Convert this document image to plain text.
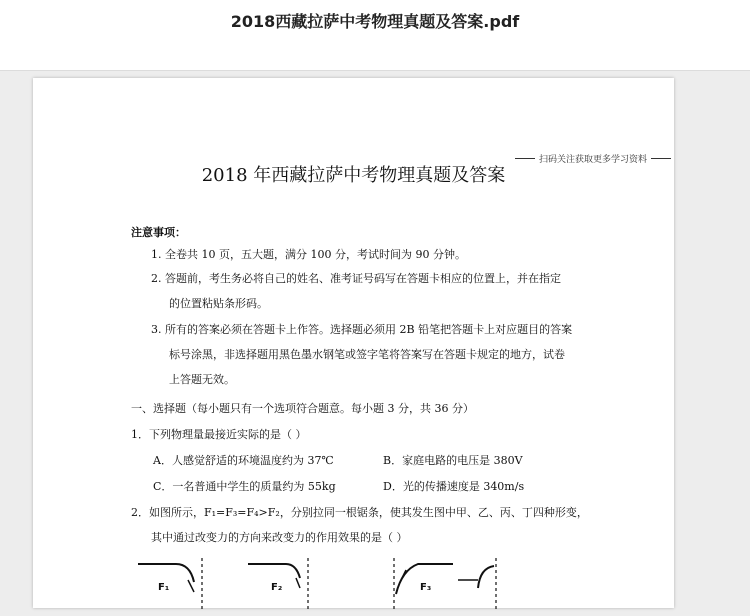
2018西藏拉萨中考物理真题及答案.pdf
扫码关注获取更多学习资料
2018 年西藏拉萨中考物理真题及答案
注意事项：
1. 全卷共 10 页，五大题，满分 100 分，考试时间为 90 分钟。
2. 答题前，考生务必将自己的姓名、准考证号码写在答题卡相应的位置上，并在指定
的位置粘贴条形码。
3. 所有的答案必须在答题卡上作答。选择题必须用 2B 铅笔把答题卡上对应题目的答案
标号涂黑，非选择题用黑色墨水钢笔或签字笔将答案写在答题卡规定的地方，试卷
上答题无效。
一、选择题（每小题只有一个选项符合题意。每小题 3 分，共 36 分）
1．下列物理量最接近实际的是（ ）
A．人感觉舒适的环境温度约为 37℃	B．家庭电路的电压是 380V
C．一名普通中学生的质量约为 55kg	D．光的传播速度是 340m/s
2．如图所示，F₁=F₃=F₄>F₂，分别拉同一根锯条，使其发生图中甲、乙、丙、丁四种形变，
其中通过改变力的方向来改变力的作用效果的是（ ）
F₁	F₂	F₃
